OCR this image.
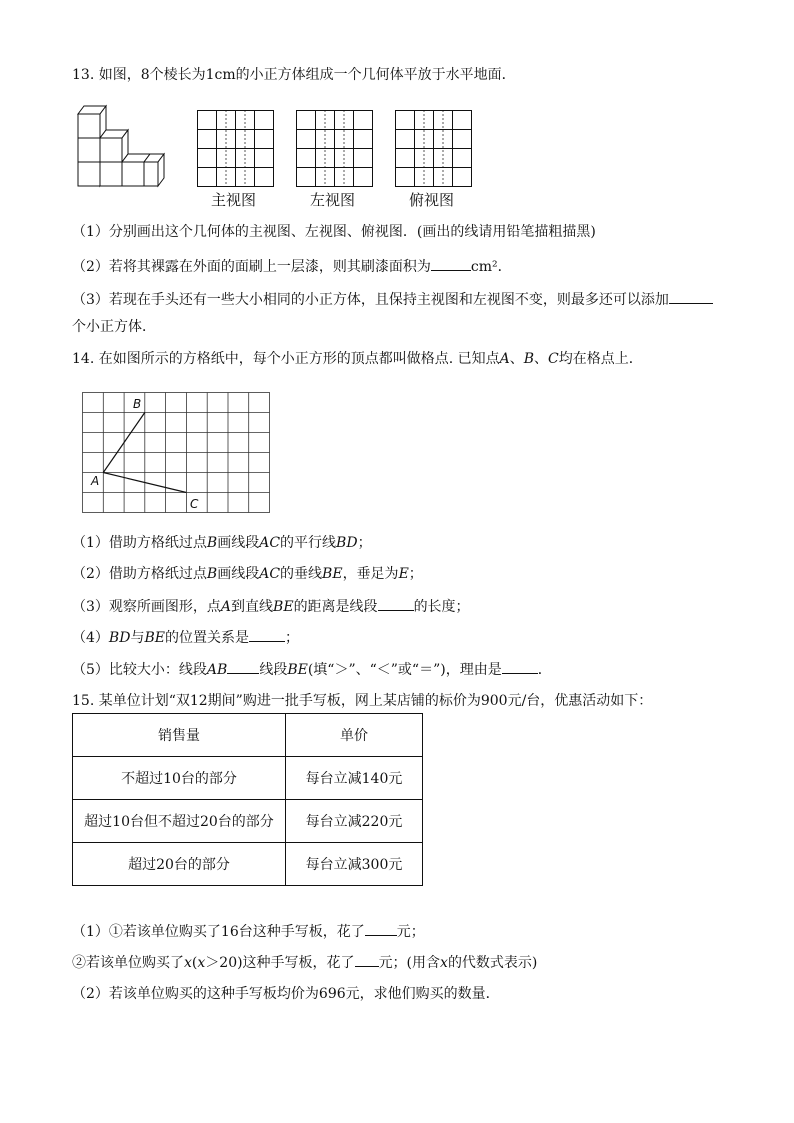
13. 如图，8个棱长为1cm的小正方体组成一个几何体平放于水平地面．
主视图	左视图	俯视图
（1）分别画出这个几何体的主视图、左视图、俯视图．(画出的线请用铅笔描粗描黑)
（2）若将其裸露在外面的面刷上一层漆，则其刷漆面积为	cm²．
（3）若现在手头还有一些大小相同的小正方体，且保持主视图和左视图不变，则最多还可以添加
个小正方体．
14. 在如图所示的方格纸中，每个小正方形的顶点都叫做格点. 已知点A、B、C均在格点上．
B
A
C
（1）借助方格纸过点B画线段AC的平行线BD；
（2）借助方格纸过点B画线段AC的垂线BE，垂足为E；
（3）观察所画图形，点A到直线BE的距离是线段	的长度；
（4）BD与BE的位置关系是	；
（5）比较大小：线段AB 线段BE(填“＞”、“＜”或“＝”)，理由是	．
15. 某单位计划“双12期间”购进一批手写板，网上某店铺的标价为900元/台，优惠活动如下：
销售量	单价
不超过10台的部分	每台立减140元
超过10台但不超过20台的部分	每台立减220元
超过20台的部分	每台立减300元
（1）①若该单位购买了16台这种手写板，花了 元；
②若该单位购买了x(x＞20)这种手写板，花了 元；(用含x的代数式表示)
（2）若该单位购买的这种手写板均价为696元，求他们购买的数量．
